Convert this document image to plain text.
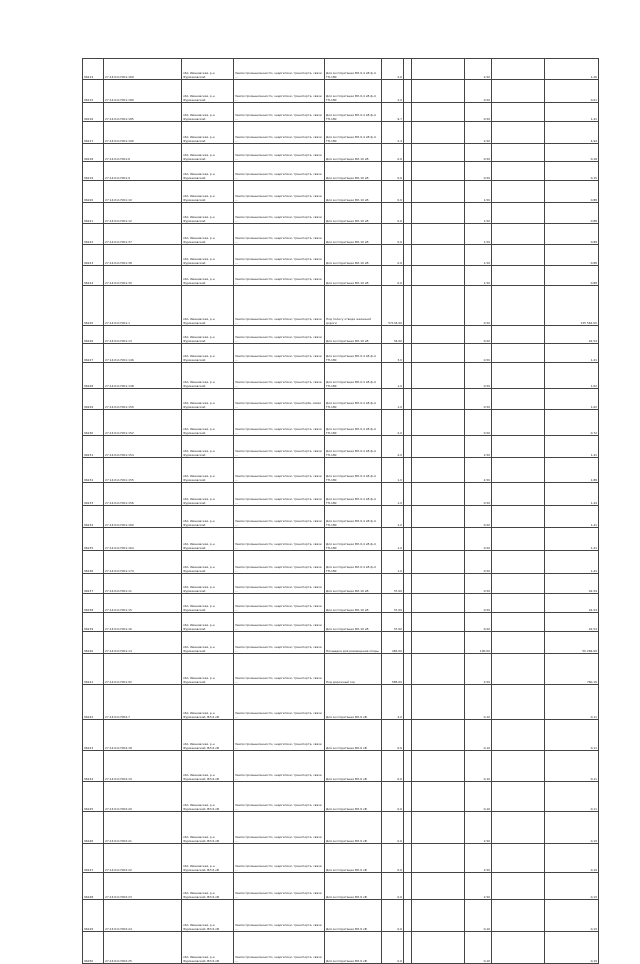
96214	27:14:0117001:169	обл. Ивановская, р-н Фурмановский	Земли промышленности, энергетики, транспорта, связи ...	Для эксплуатации ВЛ-0,4 кВ ф-4 ТП-180	2,6			2,50		1,26
96215	27:14:0117001:180	обл. Ивановская, р-н Фурмановский	Земли промышленности, энергетики, транспорта, связи ...	Для эксплуатации ВЛ-0,4 кВ ф-4 ТП-180	2,0			0,50		0,01
96216	27:14:0117001:185	обл. Ивановская, р-н Фурмановский	Земли промышленности, энергетики, транспорта, связи ...	Для эксплуатации ВЛ-0,4 кВ ф-4 ТП-180	9,7			0,50		1,41
96217	27:14:0117001:190	обл. Ивановская, р-н Фурмановский	Земли промышленности, энергетики, транспорта, связи ...	Для эксплуатации ВЛ-0,4 кВ ф-4 ТП-180	2,4			2,50		4,94
96218	27:14:0117001:6	обл. Ивановская, р-н Фурмановский	Земли промышленности, энергетики, транспорта, связи ...	Для эксплуатации ВЛ-10 кВ	0,6			0,50		0,18
96219	27:14:0117001:9	обл. Ивановская, р-н Фурмановский	Земли промышленности, энергетики, транспорта, связи ...	Для эксплуатации ВЛ-10 кВ	0,6			0,50		0,15
96220	27:14:0117001:10	обл. Ивановская, р-н Фурмановский	Земли промышленности, энергетики, транспорта, связи ...	Для эксплуатации ВЛ-10 кВ	0,6			1,50		0,88
96221	27:14:0117001:12	обл. Ивановская, р-н Фурмановский	Земли промышленности, энергетики, транспорта, связи ...	Для эксплуатации ВЛ-10 кВ	0,6			1,50		0,88
96222	27:14:0117001:37	обл. Ивановская, р-н Фурмановский	Земли промышленности, энергетики, транспорта, связи ...	Для эксплуатации ВЛ-10 кВ	0,6			1,50		0,88
96223	27:14:0117001:38	обл. Ивановская, р-н Фурмановский	Земли промышленности, энергетики, транспорта, связи ...	Для эксплуатации ВЛ-10 кВ	0,6			1,50		0,88
96224	27:14:0117001:39	обл. Ивановская, р-н Фурмановский	Земли промышленности, энергетики, транспорта, связи ...	Для эксплуатации ВЛ-10 кВ	0,6			1,50		0,88
96225	27:14:0117001:1	обл. Ивановская, р-н Фурмановский	Земли промышленности, энергетики, транспорта, связи ...	Под полосу отвода железной дороги	57134,00			0,50		135 562,00
96226	27:14:0117001:13	обл. Ивановская, р-н Фурмановский	Земли промышленности, энергетики, транспорта, связи ...	Для эксплуатации ВЛ-10 кВ	34,00			0,50		42,54
96227	27:14:0117001:146	обл. Ивановская, р-н Фурмановский	Земли промышленности, энергетики, транспорта, связи ...	Для эксплуатации ВЛ-0,4 кВ ф-4 ТП-180	3,0			0,50		1,41
96228	27:14:0117001:148	обл. Ивановская, р-н Фурмановский	Земли промышленности, энергетики, транспорта, связи ...	Для эксплуатации ВЛ-0,4 кВ ф-4 ТП-180	1,0			0,50		1,62
96229	27:14:0117001:150	обл. Ивановская, р-н Фурмановский	Земли промышленности, энергетики, транспорta, связи ...	Для эксплуатации ВЛ-0,4 кВ ф-4 ТП-180	1,0			0,50		1,62
96230	27:14:0117001:152	обл. Ивановская, р-н Фурмановский	Земли промышленности, энергетики, транспорта, связи ...	Для эксплуатации ВЛ-0,4 кВ ф-4 ТП-180	2,0			0,50		0,72
96231	27:14:0117001:154	обл. Ивановская, р-н Фурмановский	Земли промышленности, энергетики, транспорта, связи ...	Для эксплуатации ВЛ-0,4 кВ ф-4 ТП-180	2,0			2,50		1,41
96232	27:14:0117001:155	обл. Ивановская, р-н Фурмановский	Земли промышленности, энергетики, транспорта, связи ...	Для эксплуатации ВЛ-0,4 кВ ф-4 ТП-180	1,0			2,50		1,88
96233	27:14:0117001:156	обл. Ивановская, р-н Фурмановский	Земли промышленности, энергетики, транспорта, связи ...	Для эксплуатации ВЛ-0,4 кВ ф-4 ТП-180	1,0			0,50		1,44
96234	27:14:0117001:160	обл. Ивановская, р-н Фурмановский	Земли промышленности, энергетики, транспорта, связи ...	Для эксплуатации ВЛ-0,4 кВ ф-4 ТП-180	1,0			0,50		1,41
96235	27:14:0117001:164	обл. Ивановская, р-н Фурмановский	Земли промышленности, энергетики, транспорта, связи ...	Для эксплуатации ВЛ-0,4 кВ ф-4 ТП-180	1,0			0,50		1,41
96236	27:14:0117001:174	обл. Ивановская, р-н Фурмановский	Земли промышленности, энергетики, транспорта, связи ...	Для эксплуатации ВЛ-0,4 кВ ф-4 ТП-180	1,0			0,50		1,41
96237	27:14:0117001:11	обл. Ивановская, р-н Фурмановский	Земли промышленности, энергетики, транспорта, связи ...	Для эксплуатации ВЛ-10 кВ	37,00			0,50		42,54
96238	27:14:0117001:15	обл. Ивановская, р-н Фурмановский	Земли промышленности, энергетики, транспорта, связи ...	Для эксплуатации ВЛ-10 кВ	37,00			0,50		42,54
96239	27:14:0117001:16	обл. Ивановская, р-н Фурмановский	Земли промышленности, энергетики, транспорта, связи ...	Для эксплуатации ВЛ-10 кВ	37,00			0,50		42,54
96240	27:14:0117001:14	обл. Ивановская, р-н Фурмановский	Земли промышленности, энергетики, транспорта, связи ...	Площадка для размещения опоры	465,00			100,00		50 284,00
96241	27:14:0117001:92	обл. Ивановская, р-н Фурмановский	Земли промышленности, энергетики, транспорта, связи ...	Под дорожный сор	585,00			2,50		760,16
96242	27:14:0117002:7	обл. Ивановская, р-н Фурмановский, ВЛ-6 кВ	Земли промышленности, энергетики, транспорта, связи ...	Для эксплуатации ВЛ-6 кВ	4,0			0,10		0,11
96243	27:14:0117002:18	обл. Ивановская, р-н Фурмановский, ВЛ-6 кВ	Земли промышленности, энергетики, транспорта, связи ...	Для эксплуатации ВЛ-6 кВ	0,6			0,10		0,11
96244	27:14:0117002:19	обл. Ивановская, р-н Фурмановский, ВЛ-6 кВ	Земли промышленности, энергетики, транспорта, связи ...	Для эксплуатации ВЛ-6 кВ	0,6			0,10		0,11
96245	27:14:0117002:20	обл. Ивановская, р-н Фурмановский, ВЛ-6 кВ	Земли промышленности, энергетики, транспорта, связи ...	Для эксплуатации ВЛ-6 кВ	0,6			0,10		0,11
96246	27:14:0117002:21	обл. Ивановская, р-н Фурмановский, ВЛ-6 кВ	Земли промышленности, энергетики, транспорта, связи ...	Для эксплуатации ВЛ-6 кВ	0,6			2,50		0,19
96247	27:14:0117002:22	обл. Ивановская, р-н Фурмановский, ВЛ-6 кВ	Земли промышленности, энергетики, транспорта, связи ...	Для эксплуатации ВЛ-6 кВ	0,6			2,50		0,19
96248	27:14:0117002:23	обл. Ивановская, р-н Фурмановский, ВЛ-6 кВ	Земли промышленности, энергетики, транспорта, связи ...	Для эксплуатации ВЛ-6 кВ	0,6			2,50		0,19
96249	27:14:0117002:24	обл. Ивановская, р-н Фурмановский, ВЛ-6 кВ	Земли промышленности, энергетики, транспорта, связи ...	Для эксплуатации ВЛ-6 кВ	0,6			0,10		0,19
96250	27:14:0117002:25	обл. Ивановская, р-н Фурмановский, ВЛ-6 кВ	Земли промышленности, энергетики, транспорта, связи ...	Для эксплуатации ВЛ-6 кВ	0,6			0,10		0,19
